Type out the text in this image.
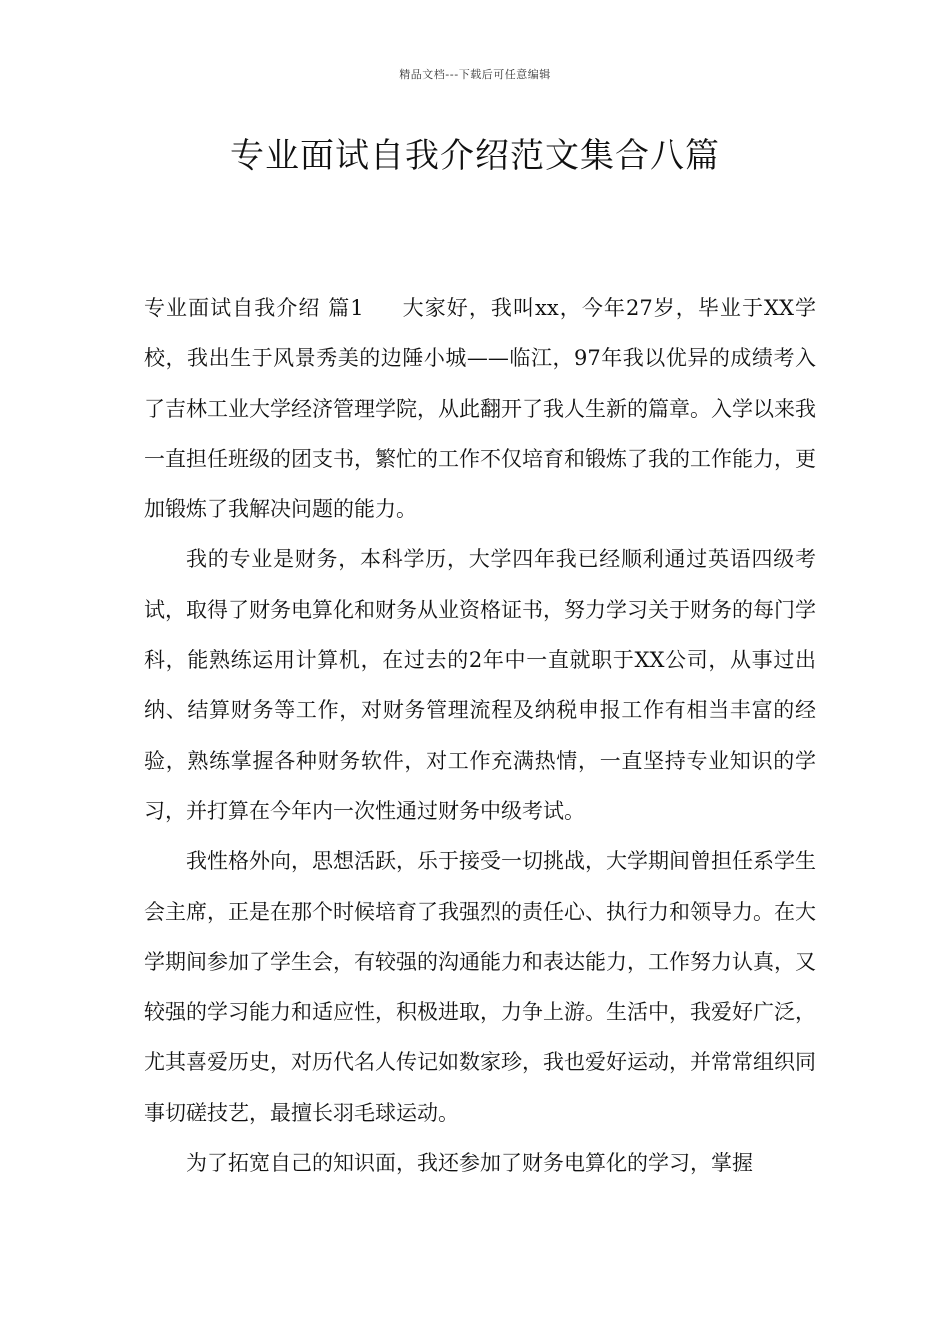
精品文档---下载后可任意编辑
专业面试自我介绍范文集合八篇

专业面试自我介绍 篇1 大家好，我叫xx，今年27岁，毕业于XX学校，我出生于风景秀美的边陲小城——临江，97年我以优异的成绩考入了吉林工业大学经济管理学院，从此翻开了我人生新的篇章。入学以来我一直担任班级的团支书，繁忙的工作不仅培育和锻炼了我的工作能力，更加锻炼了我解决问题的能力。

我的专业是财务，本科学历，大学四年我已经顺利通过英语四级考试，取得了财务电算化和财务从业资格证书，努力学习关于财务的每门学科，能熟练运用计算机，在过去的2年中一直就职于XX公司，从事过出纳、结算财务等工作，对财务管理流程及纳税申报工作有相当丰富的经验，熟练掌握各种财务软件，对工作充满热情，一直坚持专业知识的学习，并打算在今年内一次性通过财务中级考试。

我性格外向，思想活跃，乐于接受一切挑战，大学期间曾担任系学生会主席，正是在那个时候培育了我强烈的责任心、执行力和领导力。在大学期间参加了学生会，有较强的沟通能力和表达能力，工作努力认真，又较强的学习能力和适应性，积极进取，力争上游。生活中，我爱好广泛，尤其喜爱历史，对历代名人传记如数家珍，我也爱好运动，并常常组织同事切磋技艺，最擅长羽毛球运动。

为了拓宽自己的知识面，我还参加了财务电算化的学习，掌握
